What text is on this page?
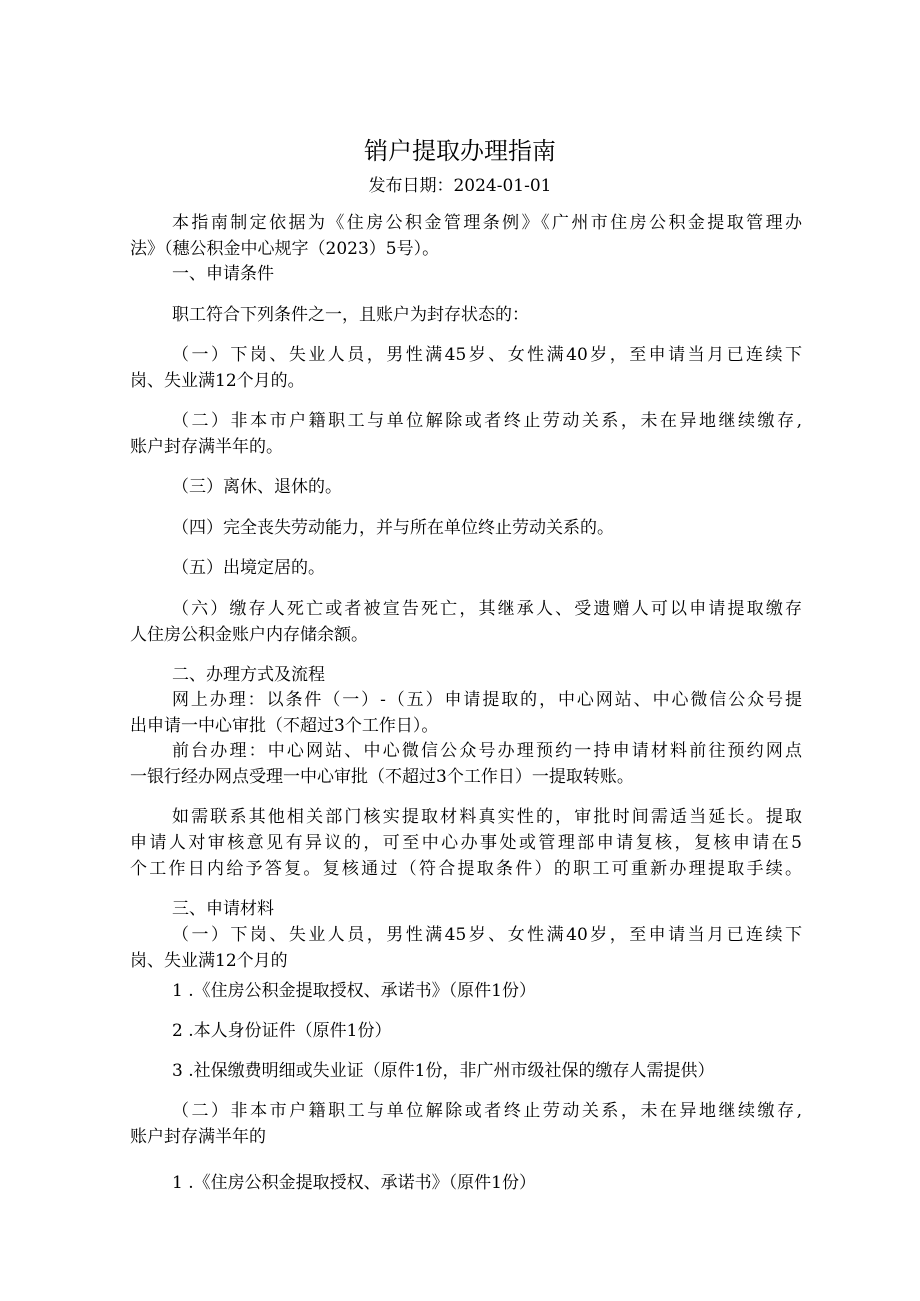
销户提取办理指南
发布日期：2024-01-01
本指南制定依据为《住房公积金管理条例》《广州市住房公积金提取管理办
法》（穗公积金中心规字（2023）5号）。
一、申请条件
职工符合下列条件之一，且账户为封存状态的：
（一）下岗、失业人员，男性满45岁、女性满40岁，至申请当月已连续下
岗、失业满12个月的。
（二）非本市户籍职工与单位解除或者终止劳动关系，未在异地继续缴存,
账户封存满半年的。
（三）离休、退休的。
（四）完全丧失劳动能力，并与所在单位终止劳动关系的。
（五）出境定居的。
（六）缴存人死亡或者被宣告死亡，其继承人、受遗赠人可以申请提取缴存
人住房公积金账户内存储余额。
二、办理方式及流程
网上办理：以条件（一）-（五）申请提取的，中心网站、中心微信公众号提
出申请一中心审批（不超过3个工作日）。
前台办理：中心网站、中心微信公众号办理预约一持申请材料前往预约网点
一银行经办网点受理一中心审批（不超过3个工作日）一提取转账。
如需联系其他相关部门核实提取材料真实性的，审批时间需适当延长。提取
申请人对审核意见有异议的，可至中心办事处或管理部申请复核，复核申请在5
个工作日内给予答复。复核通过（符合提取条件）的职工可重新办理提取手续。
三、申请材料
（一）下岗、失业人员，男性满45岁、女性满40岁，至申请当月已连续下
岗、失业满12个月的
1 .《住房公积金提取授权、承诺书》（原件1份）
2 .本人身份证件（原件1份）
3 .社保缴费明细或失业证（原件1份，非广州市级社保的缴存人需提供）
（二）非本市户籍职工与单位解除或者终止劳动关系，未在异地继续缴存,
账户封存满半年的
1 .《住房公积金提取授权、承诺书》（原件1份）
